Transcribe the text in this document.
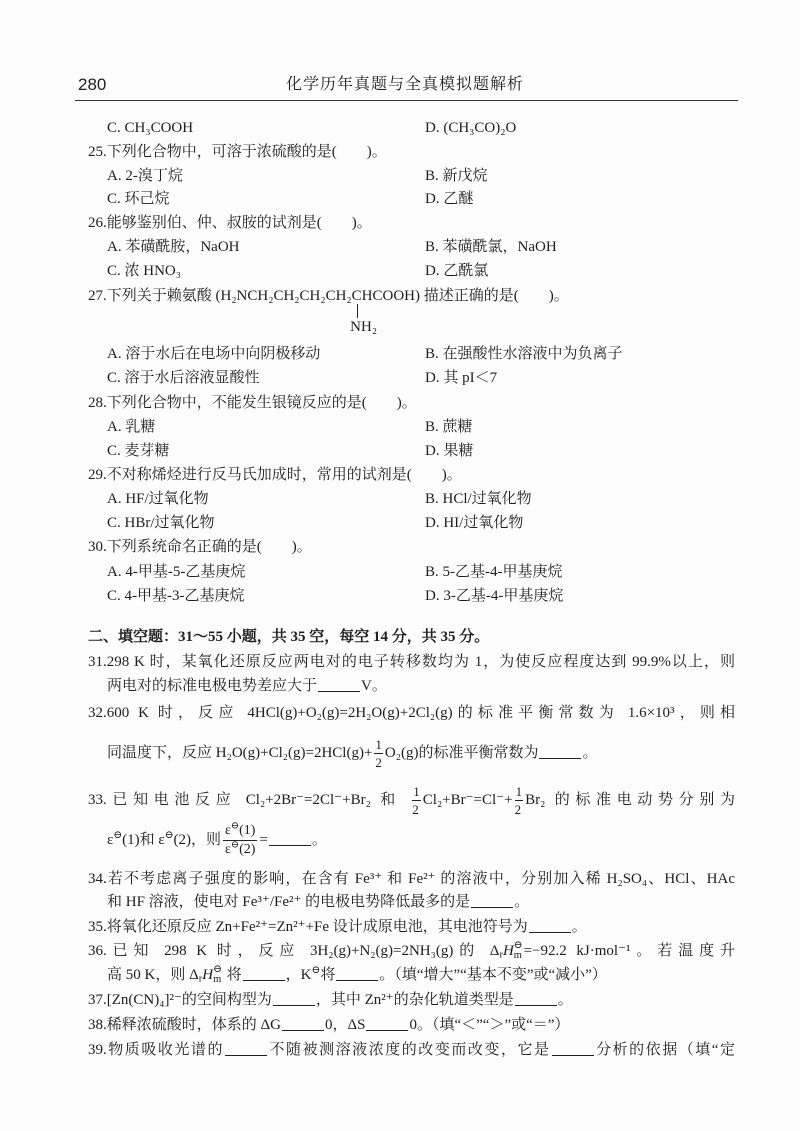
280	化学历年真题与全真模拟题解析
C. CH₃COOH	D. (CH₃CO)₂O
25.下列化合物中，可溶于浓硫酸的是(　　)。
A. 2-溴丁烷	B. 新戊烷
C. 环己烷	D. 乙醚
26.能够鉴别伯、仲、叔胺的试剂是(　　)。
A. 苯磺酰胺，NaOH	B. 苯磺酰氯，NaOH
C. 浓 HNO₃	D. 乙酰氯
27.下列关于赖氨酸 (H₂NCH₂CH₂CH₂CH₂CH
NH₂
COOH) 描述正确的是(　　)。
A. 溶于水后在电场中向阴极移动	B. 在强酸性水溶液中为负离子
C. 溶于水后溶液显酸性	D. 其 pI＜7
28.下列化合物中，不能发生银镜反应的是(　　)。
A. 乳糖	B. 蔗糖
C. 麦芽糖	D. 果糖
29.不对称烯烃进行反马氏加成时，常用的试剂是(　　)。
A. HF/过氧化物	B. HCl/过氧化物
C. HBr/过氧化物	D. HI/过氧化物
30.下列系统命名正确的是(　　)。
A. 4-甲基-5-乙基庚烷	B. 5-乙基-4-甲基庚烷
C. 4-甲基-3-乙基庚烷	D. 3-乙基-4-甲基庚烷
二、填空题：31～55 小题，共 35 空，每空 14 分，共 35 分。
31.298 K 时，某氧化还原反应两电对的电子转移数均为 1，为使反应程度达到 99.9%以上，则
两电对的标准电极电势差应大于	V。
32.600 K 时，反应 4HCl(g)+O₂(g)=2H₂O(g)+2Cl₂(g)的标准平衡常数为 1.6×10³，则相
同温度下，反应 $H_2O(g)+Cl_2(g)=2HCl(g)+ \frac{1}{2} O_2(g)$的标准平衡常数为	。
33.已知电池反应 Cl₂+2Br⁻=2Cl⁻+Br₂ 和 $\frac{1}{2} Cl_2+Br^-=Cl^-+ \frac{1}{2} Br_2$ 的标准电动势分别为
ε⊖(1)和 ε⊖(2)，则 $\frac{\varepsilon^⊖(1)}{\varepsilon^⊖(2)}$ =	。
34.若不考虑离子强度的影响，在含有 Fe³⁺ 和 Fe²⁺ 的溶液中，分别加入稀 H₂SO₄、HCl、HAc
和 HF 溶液，使电对 Fe³⁺/Fe²⁺ 的电极电势降低最多的是	。
35.将氧化还原反应 Zn+Fe²⁺=Zn²⁺+Fe 设计成原电池，其电池符号为	。
36.已知 298 K 时，反应 3H₂(g)+N₂(g)=2NH₃(g)的 $\Delta_rH$ ⊖
m =−92.2 kJ·mol⁻¹。若温度升
高 50 K，则 $\Delta_rH$ ⊖
m 将	，K⊖将	。（填“增大”“基本不变”或“减小”）
37.[Zn(CN)₄]²⁻的空间构型为	，其中 Zn²⁺的杂化轨道类型是	。
38.稀释浓硫酸时，体系的 ΔG	0，ΔS	0。（填“＜”“＞”或“＝”）
39.物质吸收光谱的	不随被测溶液浓度的改变而改变，它是	分析的依据（填“定
